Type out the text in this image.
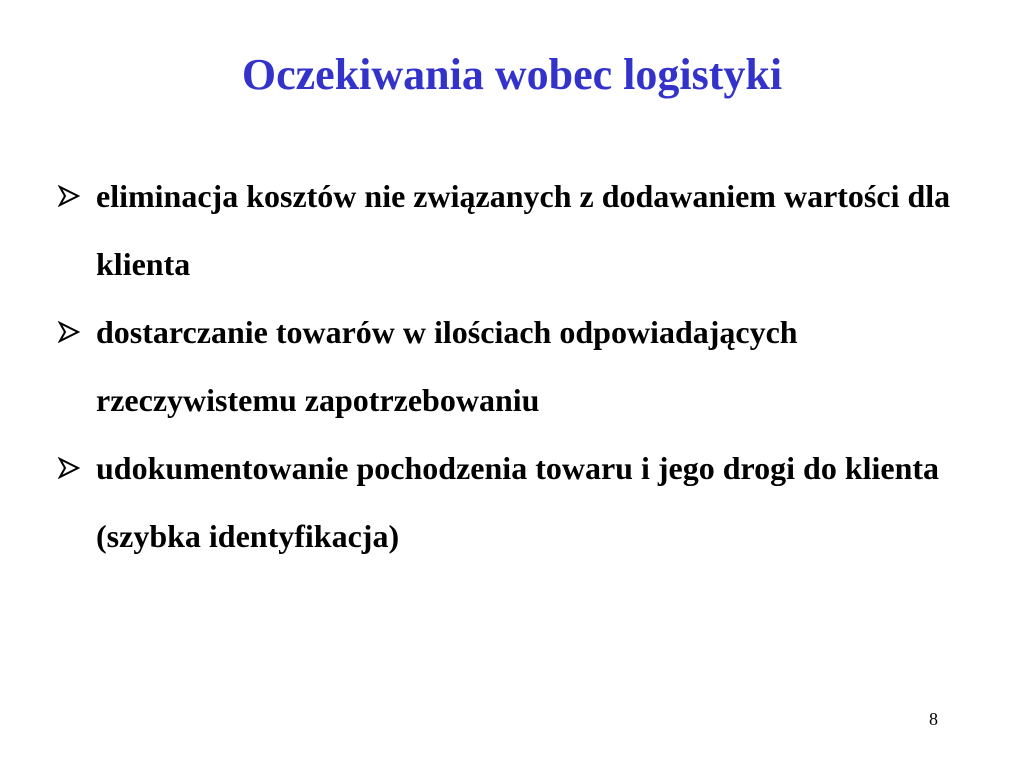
Oczekiwania wobec logistyki
eliminacja kosztów nie związanych z dodawaniem wartości dla klienta
dostarczanie towarów w ilościach odpowiadających rzeczywistemu zapotrzebowaniu
udokumentowanie pochodzenia towaru i jego drogi do klienta (szybka identyfikacja)
8
